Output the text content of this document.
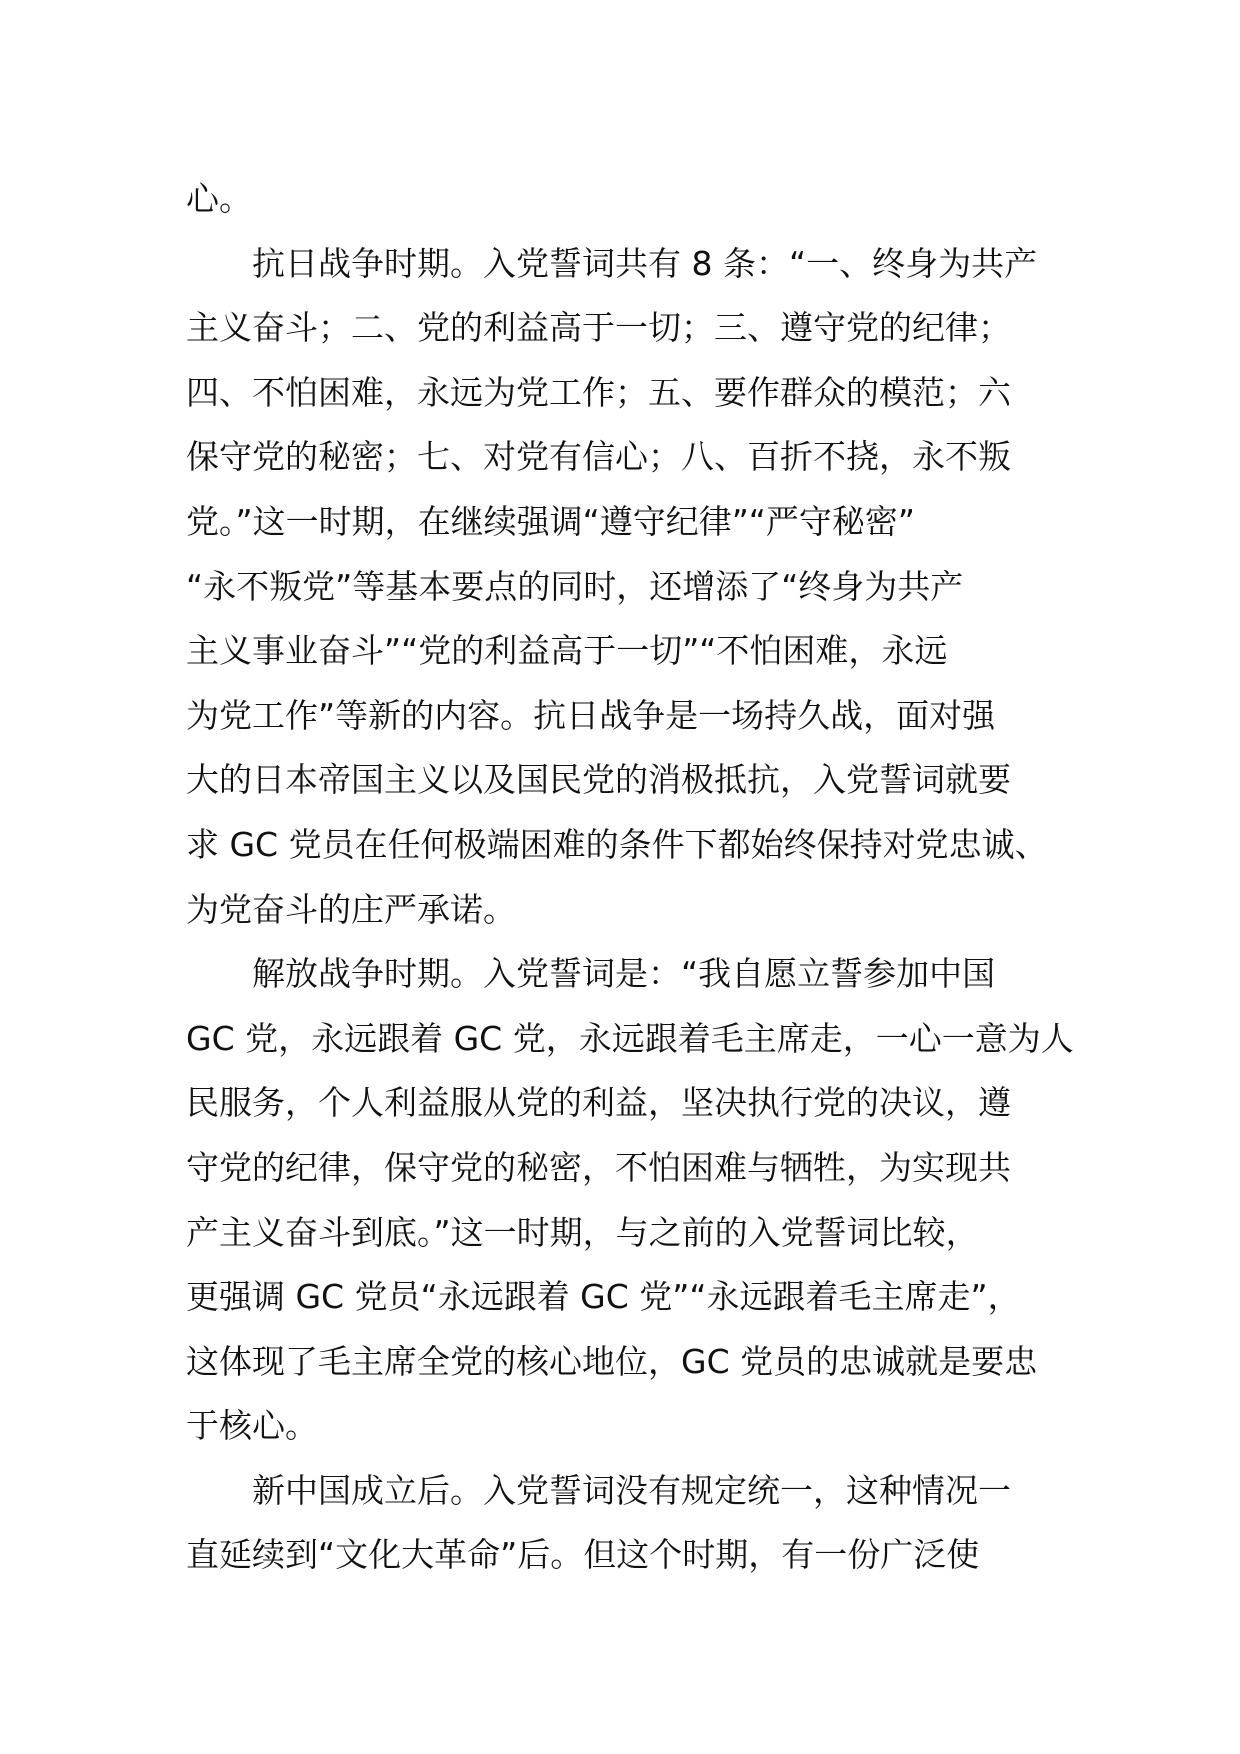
心。
　　抗日战争时期。入党誓词共有 8 条：“一、终身为共产
主义奋斗；二、党的利益高于一切；三、遵守党的纪律；
四、不怕困难，永远为党工作；五、要作群众的模范；六
保守党的秘密；七、对党有信心；八、百折不挠，永不叛
党。”这一时期，在继续强调“遵守纪律”“严守秘密”
“永不叛党”等基本要点的同时，还增添了“终身为共产
主义事业奋斗”“党的利益高于一切”“不怕困难，永远
为党工作”等新的内容。抗日战争是一场持久战，面对强
大的日本帝国主义以及国民党的消极抵抗，入党誓词就要
求 GC 党员在任何极端困难的条件下都始终保持对党忠诚、
为党奋斗的庄严承诺。
　　解放战争时期。入党誓词是：“我自愿立誓参加中国
GC 党，永远跟着 GC 党，永远跟着毛主席走，一心一意为人
民服务，个人利益服从党的利益，坚决执行党的决议，遵
守党的纪律，保守党的秘密，不怕困难与牺牲，为实现共
产主义奋斗到底。”这一时期，与之前的入党誓词比较，
更强调 GC 党员“永远跟着 GC 党”“永远跟着毛主席走”，
这体现了毛主席全党的核心地位，GC 党员的忠诚就是要忠
于核心。
　　新中国成立后。入党誓词没有规定统一，这种情况一
直延续到“文化大革命”后。但这个时期，有一份广泛使
